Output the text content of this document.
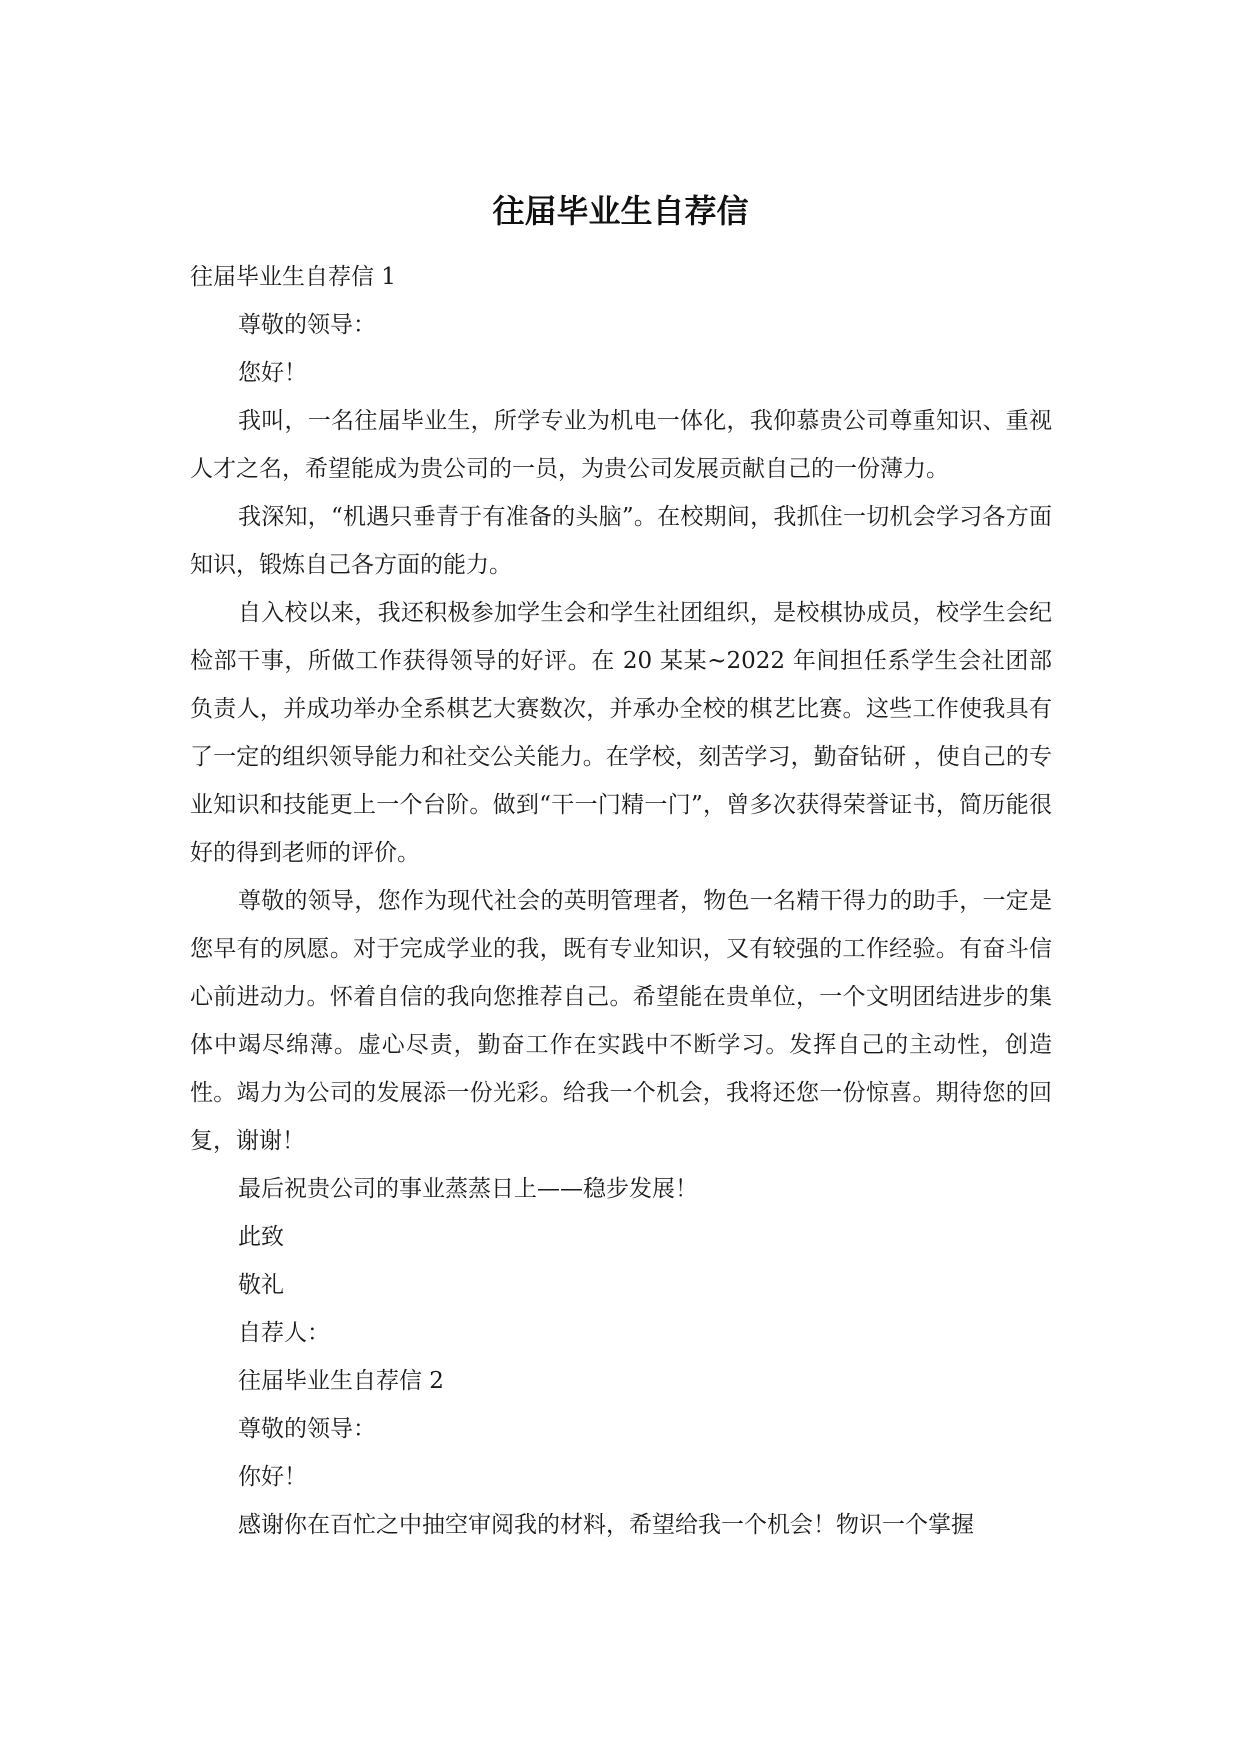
往届毕业生自荐信

往届毕业生自荐信 1

尊敬的领导：

您好！

我叫，一名往届毕业生，所学专业为机电一体化，我仰慕贵公司尊重知识、重视人才之名，希望能成为贵公司的一员，为贵公司发展贡献自己的一份薄力。

我深知，“机遇只垂青于有准备的头脑”。在校期间，我抓住一切机会学习各方面知识，锻炼自己各方面的能力。

自入校以来，我还积极参加学生会和学生社团组织，是校棋协成员，校学生会纪检部干事，所做工作获得领导的好评。在 20 某某~2022 年间担任系学生会社团部负责人，并成功举办全系棋艺大赛数次，并承办全校的棋艺比赛。这些工作使我具有了一定的组织领导能力和社交公关能力。在学校，刻苦学习，勤奋钻研 ，使自己的专业知识和技能更上一个台阶。做到“干一门精一门”，曾多次获得荣誉证书，简历能很好的得到老师的评价。

尊敬的领导，您作为现代社会的英明管理者，物色一名精干得力的助手，一定是您早有的夙愿。对于完成学业的我，既有专业知识，又有较强的工作经验。有奋斗信心前进动力。怀着自信的我向您推荐自己。希望能在贵单位，一个文明团结进步的集体中竭尽绵薄。虚心尽责，勤奋工作在实践中不断学习。发挥自己的主动性，创造性。竭力为公司的发展添一份光彩。给我一个机会，我将还您一份惊喜。期待您的回复，谢谢！

最后祝贵公司的事业蒸蒸日上——稳步发展！

此致

敬礼

自荐人：

往届毕业生自荐信 2

尊敬的领导：

你好！

感谢你在百忙之中抽空审阅我的材料，希望给我一个机会！物识一个掌握
